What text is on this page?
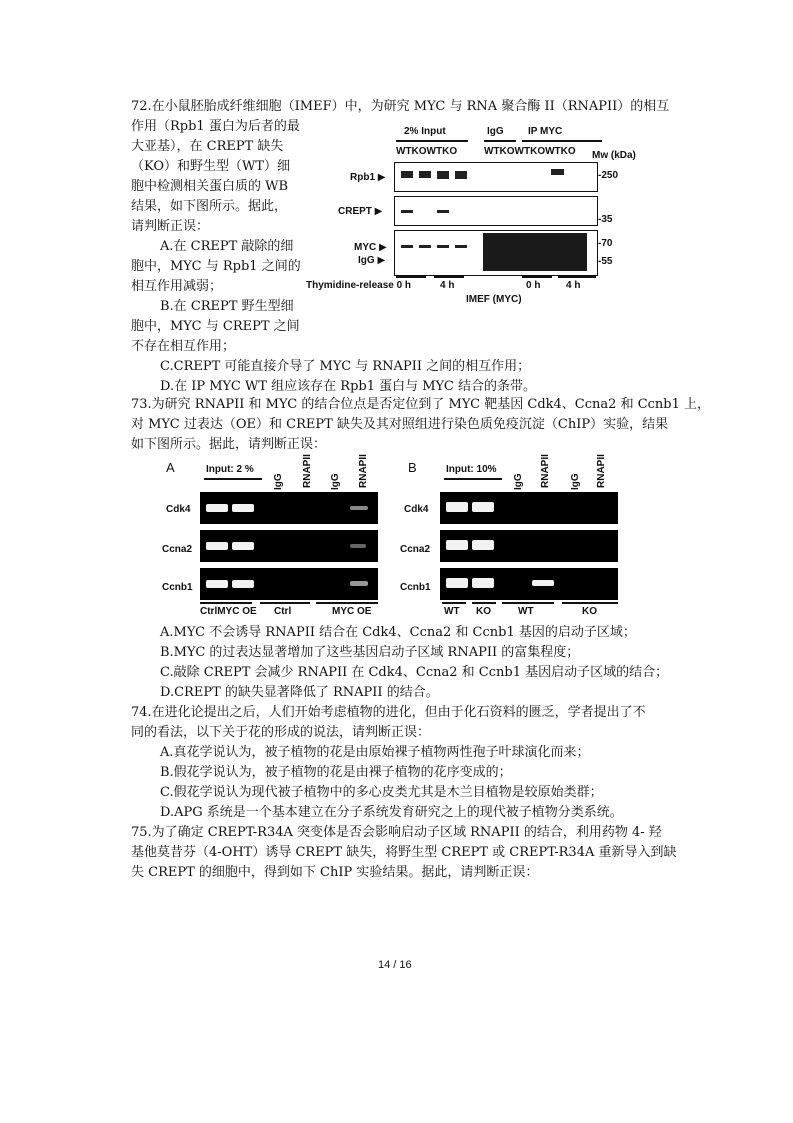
72.在小鼠胚胎成纤维细胞（IMEF）中，为研究 MYC 与 RNA 聚合酶 II（RNAPII）的相互
作用（Rpb1 蛋白为后者的最
大亚基），在 CREPT 缺失
（KO）和野生型（WT）细
胞中检测相关蛋白质的 WB
结果，如下图所示。据此，
请判断正误：
A.在 CREPT 敲除的细
胞中，MYC 与 Rpb1 之间的
相互作用减弱；
B.在 CREPT 野生型细
胞中，MYC 与 CREPT 之间
不存在相互作用；
C.CREPT 可能直接介导了 MYC 与 RNAPII 之间的相互作用；
D.在 IP MYC WT 组应该存在 Rpb1 蛋白与 MYC 结合的条带。
2% Input	IgG IP MYC
WTKOWTKO	WTKOWTKOWTKO Mw (kDa)
Rpb1 ▶	-250
CREPT ▶
-35
MYC ▶
IgG ▶
-70
-55
Thymidine-release 0 h	4 h	0 h	4 h
IMEF (MYC)
73.为研究 RNAPII 和 MYC 的结合位点是否定位到了 MYC 靶基因 Cdk4、Ccna2 和 Ccnb1 上，
对 MYC 过表达（OE）和 CREPT 缺失及其对照组进行染色质免疫沉淀（ChIP）实验，结果
如下图所示。据此，请判断正误：
A	Input: 2 %
IgG RNAPII IgG RNAPII
Cdk4
Ccna2
Ccnb1
CtrlMYC OE Ctrl	MYC OE
B	Input: 10%
IgG RNAPII IgG RNAPII
Cdk4
Ccna2
Ccnb1
WT KO	WT	KO
A.MYC 不会诱导 RNAPII 结合在 Cdk4、Ccna2 和 Ccnb1 基因的启动子区域；
B.MYC 的过表达显著增加了这些基因启动子区域 RNAPII 的富集程度；
C.敲除 CREPT 会减少 RNAPII 在 Cdk4、Ccna2 和 Ccnb1 基因启动子区域的结合；
D.CREPT 的缺失显著降低了 RNAPII 的结合。
74.在进化论提出之后，人们开始考虑植物的进化，但由于化石资料的匮乏，学者提出了不
同的看法，以下关于花的形成的说法，请判断正误：
A.真花学说认为，被子植物的花是由原始裸子植物两性孢子叶球演化而来；
B.假花学说认为，被子植物的花是由裸子植物的花序变成的；
C.假花学说认为现代被子植物中的多心皮类尤其是木兰目植物是较原始类群；
D.APG 系统是一个基本建立在分子系统发育研究之上的现代被子植物分类系统。
75.为了确定 CREPT-R34A 突变体是否会影响启动子区域 RNAPII 的结合，利用药物 4- 羟
基他莫昔芬（4-OHT）诱导 CREPT 缺失，将野生型 CREPT 或 CREPT-R34A 重新导入到缺
失 CREPT 的细胞中，得到如下 ChIP 实验结果。据此，请判断正误：
14 / 16
